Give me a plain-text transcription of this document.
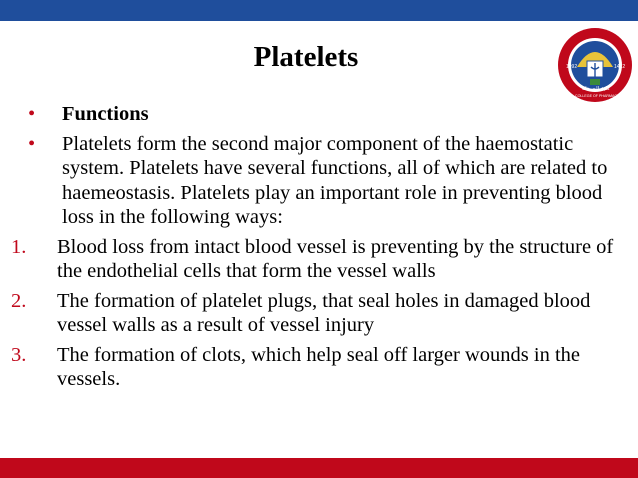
Platelets	1992	1412
كلية الصيدلة
COLLEGE OF PHARMACY
• Functions
• Platelets form the second major component of the haemostatic system. Platelets have several functions, all of which are related to haemeostasis. Platelets play an important role in preventing blood loss in the following ways:
1. Blood loss from intact blood vessel is preventing by the structure of the endothelial cells that form the vessel walls
2. The formation of platelet plugs, that seal holes in damaged blood vessel walls as a result of vessel injury
3. The formation of clots, which help seal off larger wounds in the vessels.
